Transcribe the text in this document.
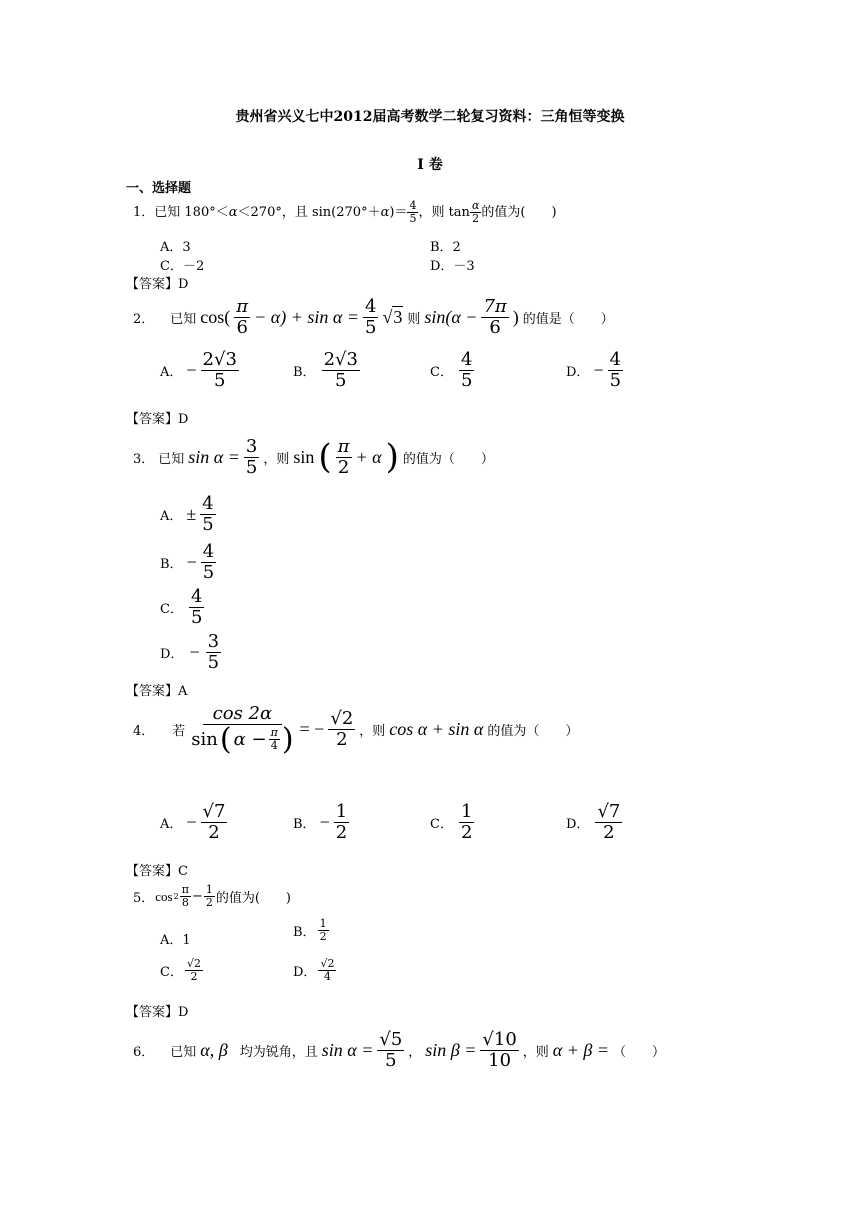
贵州省兴义七中2012届高考数学二轮复习资料：三角恒等变换
I 卷
一、选择题
1．已知 180°＜α＜270°，且 $\sin(270^\circ+\alpha)= \frac{4}{5}$ ，则 $\tan \frac{\alpha}{2}$ 的值为(　　)
A．3	B．2
C．－2	D．－3
【答案】D
2． 已知 $\cos( \frac{\pi}{6} - \alpha) + \sin \alpha = \frac{4}{5} √3$ 则 $\sin(\alpha - \frac{7\pi}{6}$ ) 的值是（　　）
A． − $\frac{2√3}{5}$	B． $\frac{2√3}{5}$	C． $\frac{4}{5}$	D． − $\frac{4}{5}$
【答案】D
3． 已知 $\sin \alpha = \frac{3}{5}$ ，则 sin ( $\frac{\pi}{2} + \alpha$ ) 的值为（　　）
A． ± $\frac{4}{5}$
B． − $\frac{4}{5}$
C． $\frac{4}{5}$
D． − $\frac{3}{5}$
【答案】A
4． 若 $\frac{\cos 2\alpha}{\sin ( \alpha - \frac{\pi}{4} )}$ = − $\frac{√2}{2}$ ，则 cos α + sin α 的值为（　　）
A． − $\frac{√7}{2}$	B． − $\frac{1}{2}$	C． $\frac{1}{2}$	D． $\frac{√7}{2}$
【答案】C
5． $\cos 2 \frac{\pi}{8} - \frac{1}{2}$ 的值为(　　)
A．1
B． $\frac{1}{2}$
C． $\frac{√2}{2}$	D． $\frac{√2}{4}$
【答案】D
6． 已知 α, β 均为锐角，且 $\sin \alpha = \frac{√5}{5}$ ， $\sin \beta = \frac{√10}{10}$ ，则 α + β = （　　）
